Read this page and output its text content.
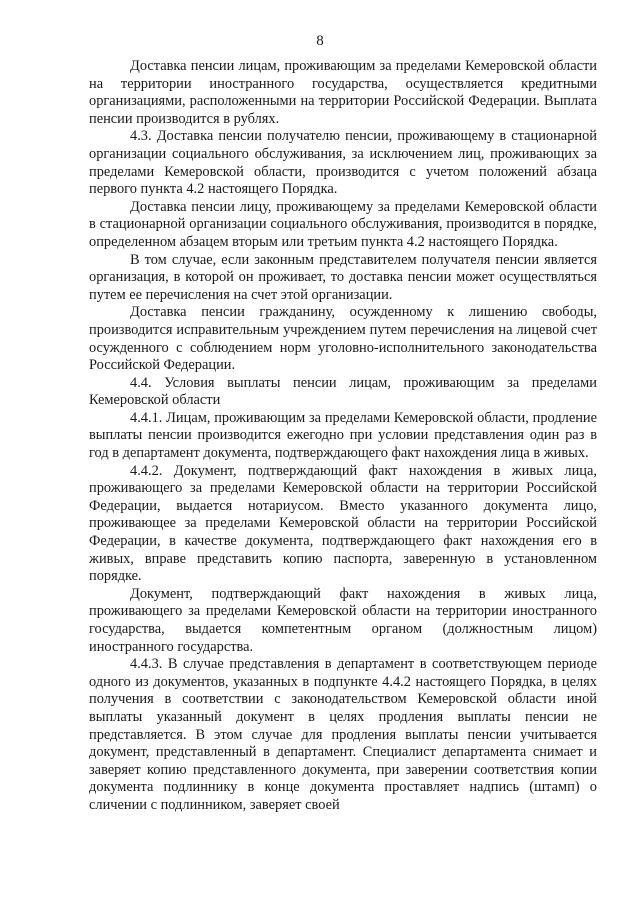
8

Доставка пенсии лицам, проживающим за пределами Кемеровской области на территории иностранного государства, осуществляется кредитными организациями, расположенными на территории Российской Федерации. Выплата пенсии производится в рублях.

4.3. Доставка пенсии получателю пенсии, проживающему в стационарной организации социального обслуживания, за исключением лиц, проживающих за пределами Кемеровской области, производится с учетом положений абзаца первого пункта 4.2 настоящего Порядка.

Доставка пенсии лицу, проживающему за пределами Кемеровской области в стационарной организации социального обслуживания, производится в порядке, определенном абзацем вторым или третьим пункта 4.2 настоящего Порядка.

В том случае, если законным представителем получателя пенсии является организация, в которой он проживает, то доставка пенсии может осуществляться путем ее перечисления на счет этой организации.

Доставка пенсии гражданину, осужденному к лишению свободы, производится исправительным учреждением путем перечисления на лицевой счет осужденного с соблюдением норм уголовно-исполнительного законодательства Российской Федерации.

4.4. Условия выплаты пенсии лицам, проживающим за пределами Кемеровской области

4.4.1. Лицам, проживающим за пределами Кемеровской области, продление выплаты пенсии производится ежегодно при условии представления один раз в год в департамент документа, подтверждающего факт нахождения лица в живых.

4.4.2. Документ, подтверждающий факт нахождения в живых лица, проживающего за пределами Кемеровской области на территории Российской Федерации, выдается нотариусом. Вместо указанного документа лицо, проживающее за пределами Кемеровской области на территории Российской Федерации, в качестве документа, подтверждающего факт нахождения его в живых, вправе представить копию паспорта, заверенную в установленном порядке.

Документ, подтверждающий факт нахождения в живых лица, проживающего за пределами Кемеровской области на территории иностранного государства, выдается компетентным органом (должностным лицом) иностранного государства.

4.4.3. В случае представления в департамент в соответствующем периоде одного из документов, указанных в подпункте 4.4.2 настоящего Порядка, в целях получения в соответствии с законодательством Кемеровской области иной выплаты указанный документ в целях продления выплаты пенсии не представляется. В этом случае для продления выплаты пенсии учитывается документ, представленный в департамент. Специалист департамента снимает и заверяет копию представленного документа, при заверении соответствия копии документа подлиннику в конце документа проставляет надпись (штамп) о сличении с подлинником, заверяет своей
